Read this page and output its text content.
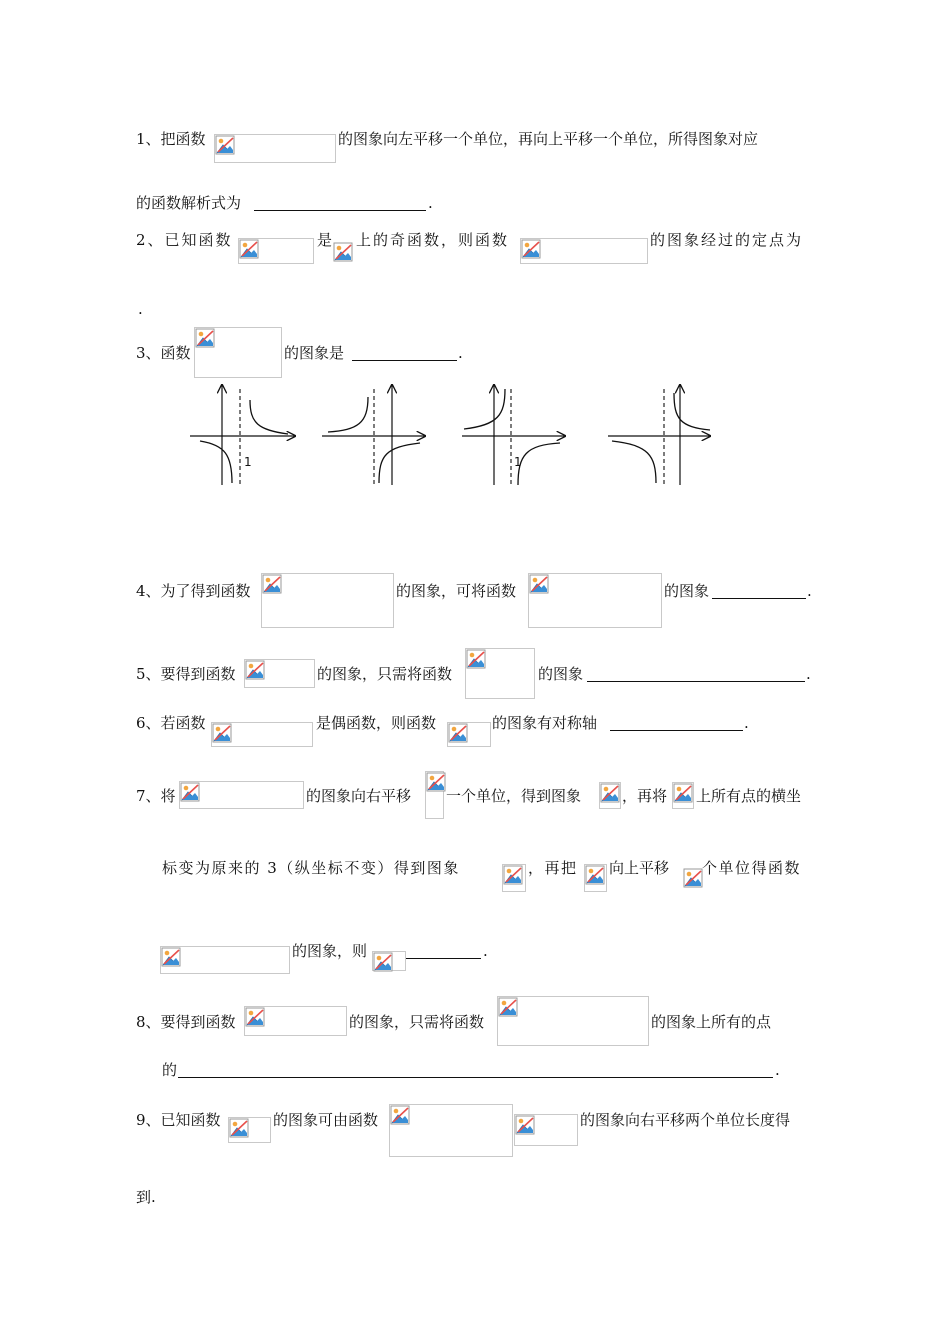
1、把函数	的图象向左平移一个单位，再向上平移一个单位，所得图象对应
的函数解析式为	.
2、已知函数	是 上的奇函数，则函数	的图象经过的定点为
.
3、函数	的图象是	.
1	1
4、为了得到函数	的图象，可将函数	的图象	.
5、要得到函数	的图象，只需将函数	的图象	.
6、若函数	是偶函数，则函数	的图象有对称轴	.
7、将	的图象向右平移 一个单位，得到图象	，再将 上所有点的横坐
标变为原来的 3（纵坐标不变）得到图象	，再把 向上平移 个单位得函数
的图象，则	.
8、要得到函数	的图象，只需将函数	的图象上所有的点
的	.
9、已知函数	的图象可由函数	的图象向右平移两个单位长度得
到.
